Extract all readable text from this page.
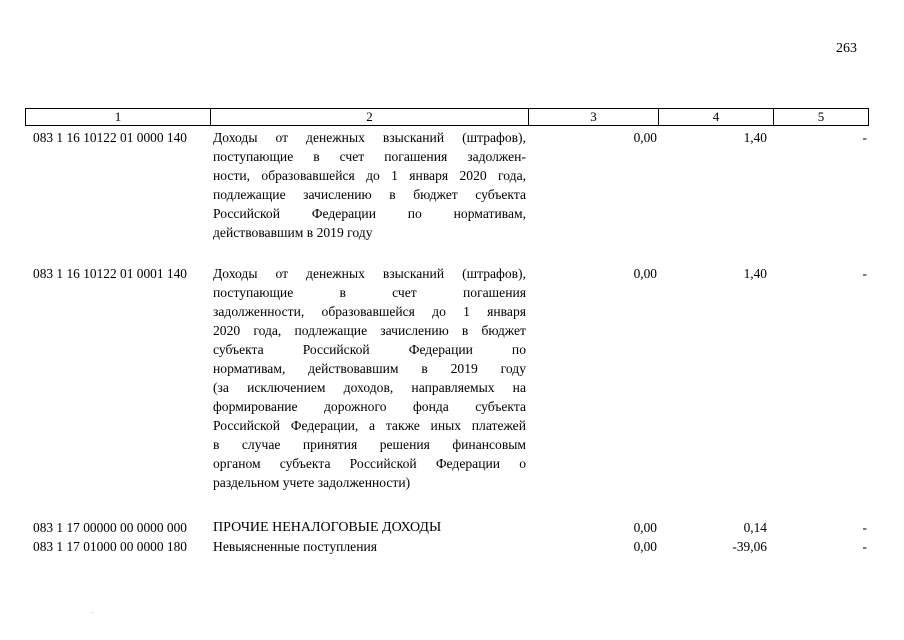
263
1	2	3	4	5
083 1 16 10122 01 0000 140	Доходы от денежных взысканий (штрафов),
поступающие в счет погашения задолжен-
ности, образовавшейся до 1 января 2020 года,
подлежащие зачислению в бюджет субъекта
Российской Федерации по нормативам,
действовавшим в 2019 году
0,00	1,40	-
083 1 16 10122 01 0001 140	Доходы от денежных взысканий (штрафов),
поступающие в счет погашения
задолженности, образовавшейся до 1 января
2020 года, подлежащие зачислению в бюджет
субъекта Российской Федерации по
нормативам, действовавшим в 2019 году
(за исключением доходов, направляемых на
формирование дорожного фонда субъекта
Российской Федерации, а также иных платежей
в случае принятия решения финансовым
органом субъекта Российской Федерации о
раздельном учете задолженности)
0,00	1,40	-
083 1 17 00000 00 0000 000	ПРОЧИЕ НЕНАЛОГОВЫЕ ДОХОДЫ	0,00	0,14	-
083 1 17 01000 00 0000 180	Невыясненные поступления	0,00	-39,06	-
